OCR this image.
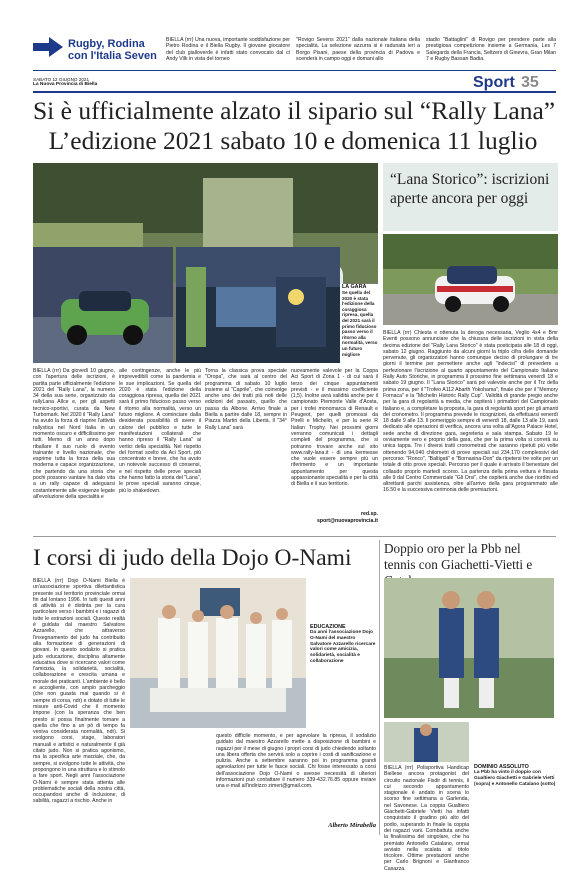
Rugby, Rodina
con l'Italia Seven

BIELLA (rrr) Una nuova, importante soddisfazione per Pietro Rodina e il Biella Rugby. Il giovane giocatore del club gialloverde è infatti stato convocato dal ct Andy Vilk in vista del torneo

"Rovigo Sevens 2021" dalla nazionale italiana della specialità. La selezione azzurra si è radunata ieri a Borgo Pisani, paese della provincia di Padova e scenderà in campo oggi e domani allo

stadio "Battaglini" di Rovigo per prendere parte alla prestigiosa competizione insieme a Germania, Les 7 Salegards della Francia, Seltzers di Ginevra, Gran Milan 7 e Rugby Bassan Badia.

SABATO 12 GIUGNO 2021
La Nuova Provincia di Biella	Sport 35
Si è ufficialmente alzato il sipario sul “Rally Lana”
L’edizione 2021 sabato 10 e domenica 11 luglio
LA GARA

Se quella del 2020 è stata l'edizione della coraggiosa ripresa, quella del 2021 sarà il primo fiducioso passo verso il ritorno alla normalità, verso un futuro migliore

BIELLA (rrr) Da giovedì 10 giugno, con l'apertura delle iscrizioni, è partita parte ufficialmente l'edizione 2021 del "Rally Lana", la numero 34 della sua serie, organizzato da rallyLana Allce e, per gli aspetti tecnico-sportivi, curata da New Turbomark. Nel 2020 il "Rally Lana" ha avuto la forza di riaprire l'attività rallystica nel Nord Italia in un momento oscuro e difficilissimo per tutti. Memo di un anno dopo riballare il suo ruolo di evento trainante e livello nazionale, che esprime tutta la forza della sua moderna e capace organizzazione, che partendo da una storia che pochi possono vantare ha dato vita a un rally capace di adeguarsi costantemente alle esigenze legate all'evoluzione della specialità e

alle contingenze, anche le più imprevedibili come la pandemia e le sue implicazioni. Se quella del 2020 è stata l'edizione della coraggiosa ripresa, quella del 2021 sarà il primo fiducioso passo verso il ritorno alla normalità, verso un futuro migliore. A cominciare dalla desiderata possibilità di avere il calore del pubblico e tutte le manifestazioni collaterali che hanno ripreso il "Rally Lana" ai vertici della specialità. Nel rispetto del format scelto da Aci Sport, più concentrato e breve, che ha avuto un notevole successo di consensi, e nel rispetto delle prove speciali che hanno fatto la storia del "Lana", le prove speciali saranno cinque, più lo shakedown.

Torna la classica prova speciale "Oropa", che sarà al centro del programma di sabato 10 luglio insieme al "Caprile", che coinvolge anche uno dei tratti più noti delle edizioni del passato, quello che passa da Albone. Arrivo finale a Biella a partire dalle 18, sempre in Piazza Martiri della Libertà. Il "34° Rally Lana" sarà

nuovamente valevole per la Coppa Aci Sport di Zona 1 - di cui sarà il terzo dei cinque appuntamenti previsti - e il massimo coefficiente (1,5). Inoltre avrà validità anche per il campionato Piemonte Valle d'Aosta, per i trofei monomarca di Renault e Peugeot, per quelli promossi da Pirelli e Michelin, e per la serie R Italian Trophy. Nei prossimi giorni verranno comunicati i dettagli completi del programma, che si potranno trovare anche sul sito www.rally-lana.it - di una kermesse che vuole essere sempre più un riferimento e un importante appuntamento per questa appassionante specialità e per la città di Biella e il suo territorio.

red.sp.
sport@nuovaprovincia.it
“Lana Storico”: iscrizioni aperte ancora per oggi

BIELLA (rrr) Chiesta e ottenuta la deroga necessaria, Veglio 4x4 e Bmr Eventi possono annunciare che la chiusura delle iscrizioni in vista della decima edizione del "Rally Lana Storico" è stata posticipata alle 18 di oggi, sabato 12 giugno. Raggiunto da alcuni giorni la triplo cifra delle domande pervenute, gli organizzatori hanno comunque deciso di prolungare di tre giorni il termine per permettere anche agli "indecisi" di prevedere a perfezionare l'iscrizione al quarto appuntamento del Campionato Italiano Rally Auto Storiche, in programma il prossimo fine settimana venerdì 18 e sabato 19 giugno. Il "Lana Storico" sarà poi valevole anche per il Trz della prima zona, per il "Trofeo A112 Abarth Yokohama", finale che per il "Memory Fornaca" e la "Michelin Historic Rally Cup". Validità di grande pregio anche per la gara di regolarità a media, che ospiterà i primattori del Campionato Italiano e, a completare la proposta, la gara di regolarità sport per gli amanti del cronometro. Il programma prevede le ricognizioni, da effettuarsi venerdì 18 dalle 9 alle 13. Il pomeriggio sempre di venerdì 18, dalle 13 alle 19, sarà dedicato alle operazioni di verifica, ancora una volta all'Agora Palace Hotel, sede anche di direzione gara, segreteria e sala stampa. Sabato 19 le ovviamente vero e proprio della gara, che per la prima volta si correrà su unica tappa. Tre i diversi tratti cronometrati che saranno ripetuti più volte ottenendo 94,040 chilometri di prove speciali sui 234,170 complessivi del percorso: "Ronco", "Baltigati" e "Bornasina-Don" da ripetersi tre volte per un totale di otto prove speciali. Percorso per il quale è arrivato il benestare del collaudo proprio martedì scorso. La partenza della prima vettura è fissata alle 9 dal Centro Commerciale "Gli Orsi", che ospiterà anche due riordini ed altrettanti parchi assistenza, oltre all'arrivo della gara programmato alle 16.50 e la successiva cerimonia delle premiazioni.

I corsi di judo della Dojo O-Nami

BIELLA (rrr) Dojo O-Nami Biella è un'associazione sportiva dilettantistica presente sul territorio provinciale ormai fin dal lontano 1996. In tutti questi anni di attività si è distinta per la cura particolare verso i bambini e i ragazzi di tutte le estrazioni sociali. Questo realtà è guidata dal maestro Salvatore Azzarello, che attraverso l'insegnamento del judo ha contribuito alla formazione di generazioni di giovani. In questo sodalizio si pratica judo educazione, disciplina altamente educativa dove si ricercano valori come l'amicizia, la solidarietà, socialità, collaborazione e crescita umana e morale dei praticanti. L'ambiente è bello e accogliente, con ampio parcheggio (che non guasta mai quando si è sempre di corsa, ndr) e dotato di tutte le misure anti-Covid che il momento impone (con la speranza che ben presto si possa finalmente tornare a quella che fino a un pò di tempo fa veniva considerata normalità, ndr). Si svolgono corsi, stage, laboratori manuali e artistici e naturalmente il già citato judo. Non si pratica agonismo, ma la specifica arte marziale, che, da sempre, si svolgono tutte le attività, che propongono in una struttura e lo stimolo a fare sport. Negli anni l'associazione O-Nami è sempre stata attenta alle problematiche sociali della nostra città, occupandosi anche di inclusione, di sabilità, ragazzi a rischio. Anche in

EDUCAZIONE

Da anni l'associazione Dojo O-Nami del maestro Salvatore Azzarello ricercare valori come amicizia, solidarietà, socialità e collaborazione

questo difficile momento, e per agevolare la ripresa, il sodalizio guidato dal maestro Azzarello mette a disposizione di bambini e ragazzi per il mese di giugno i propri corsi di judo chiedendo soltanto una libera offerta che servirà solo a coprire i costi di sanificazione e pulizia. Anche a settembre saranno poi in programma grandi agevolazioni per tutte le fasce sociali. Chi fosse interessato a corsi dell'associazione Dojo O-Nami o avesse necessità di ulteriori informazioni può contattare il numero 339-432.76.85 oppure inviare una e-mail all'indirizzo zimeri@gmail.com.

Alberto Mirabella
Doppio oro per la Pbb nel tennis con Giachetti-Vietti e

BIELLA (rrr) Polisportiva Handicap Biellese ancora protagonist del circuito nazionale Fisdir di tennis, il cui secondo appuntamento stagionale è andato in scena lo scorso fine settimana a Garlenda, nel Savonese. La coppia Gualtiero Giachetti-Gabriele Vietti ha infatti conquistato il gradino più alto del podio, superando in finale la coppia dei ragazzi vani. Combattuta anche la finalissima del singolare, che ha premiato Antonello Catalano, ormai avviato nella scalata al titolo tricolore. Ottime prestazioni anche per Carlo Brignoni e Gianfranco Casazza.

DOMINIO ASSOLUTO

La Pbb ha vinto il doppio con Gualtiero Giachetti e Gabriele Vietti (sopra) e Antonello Catalano (sotto)
